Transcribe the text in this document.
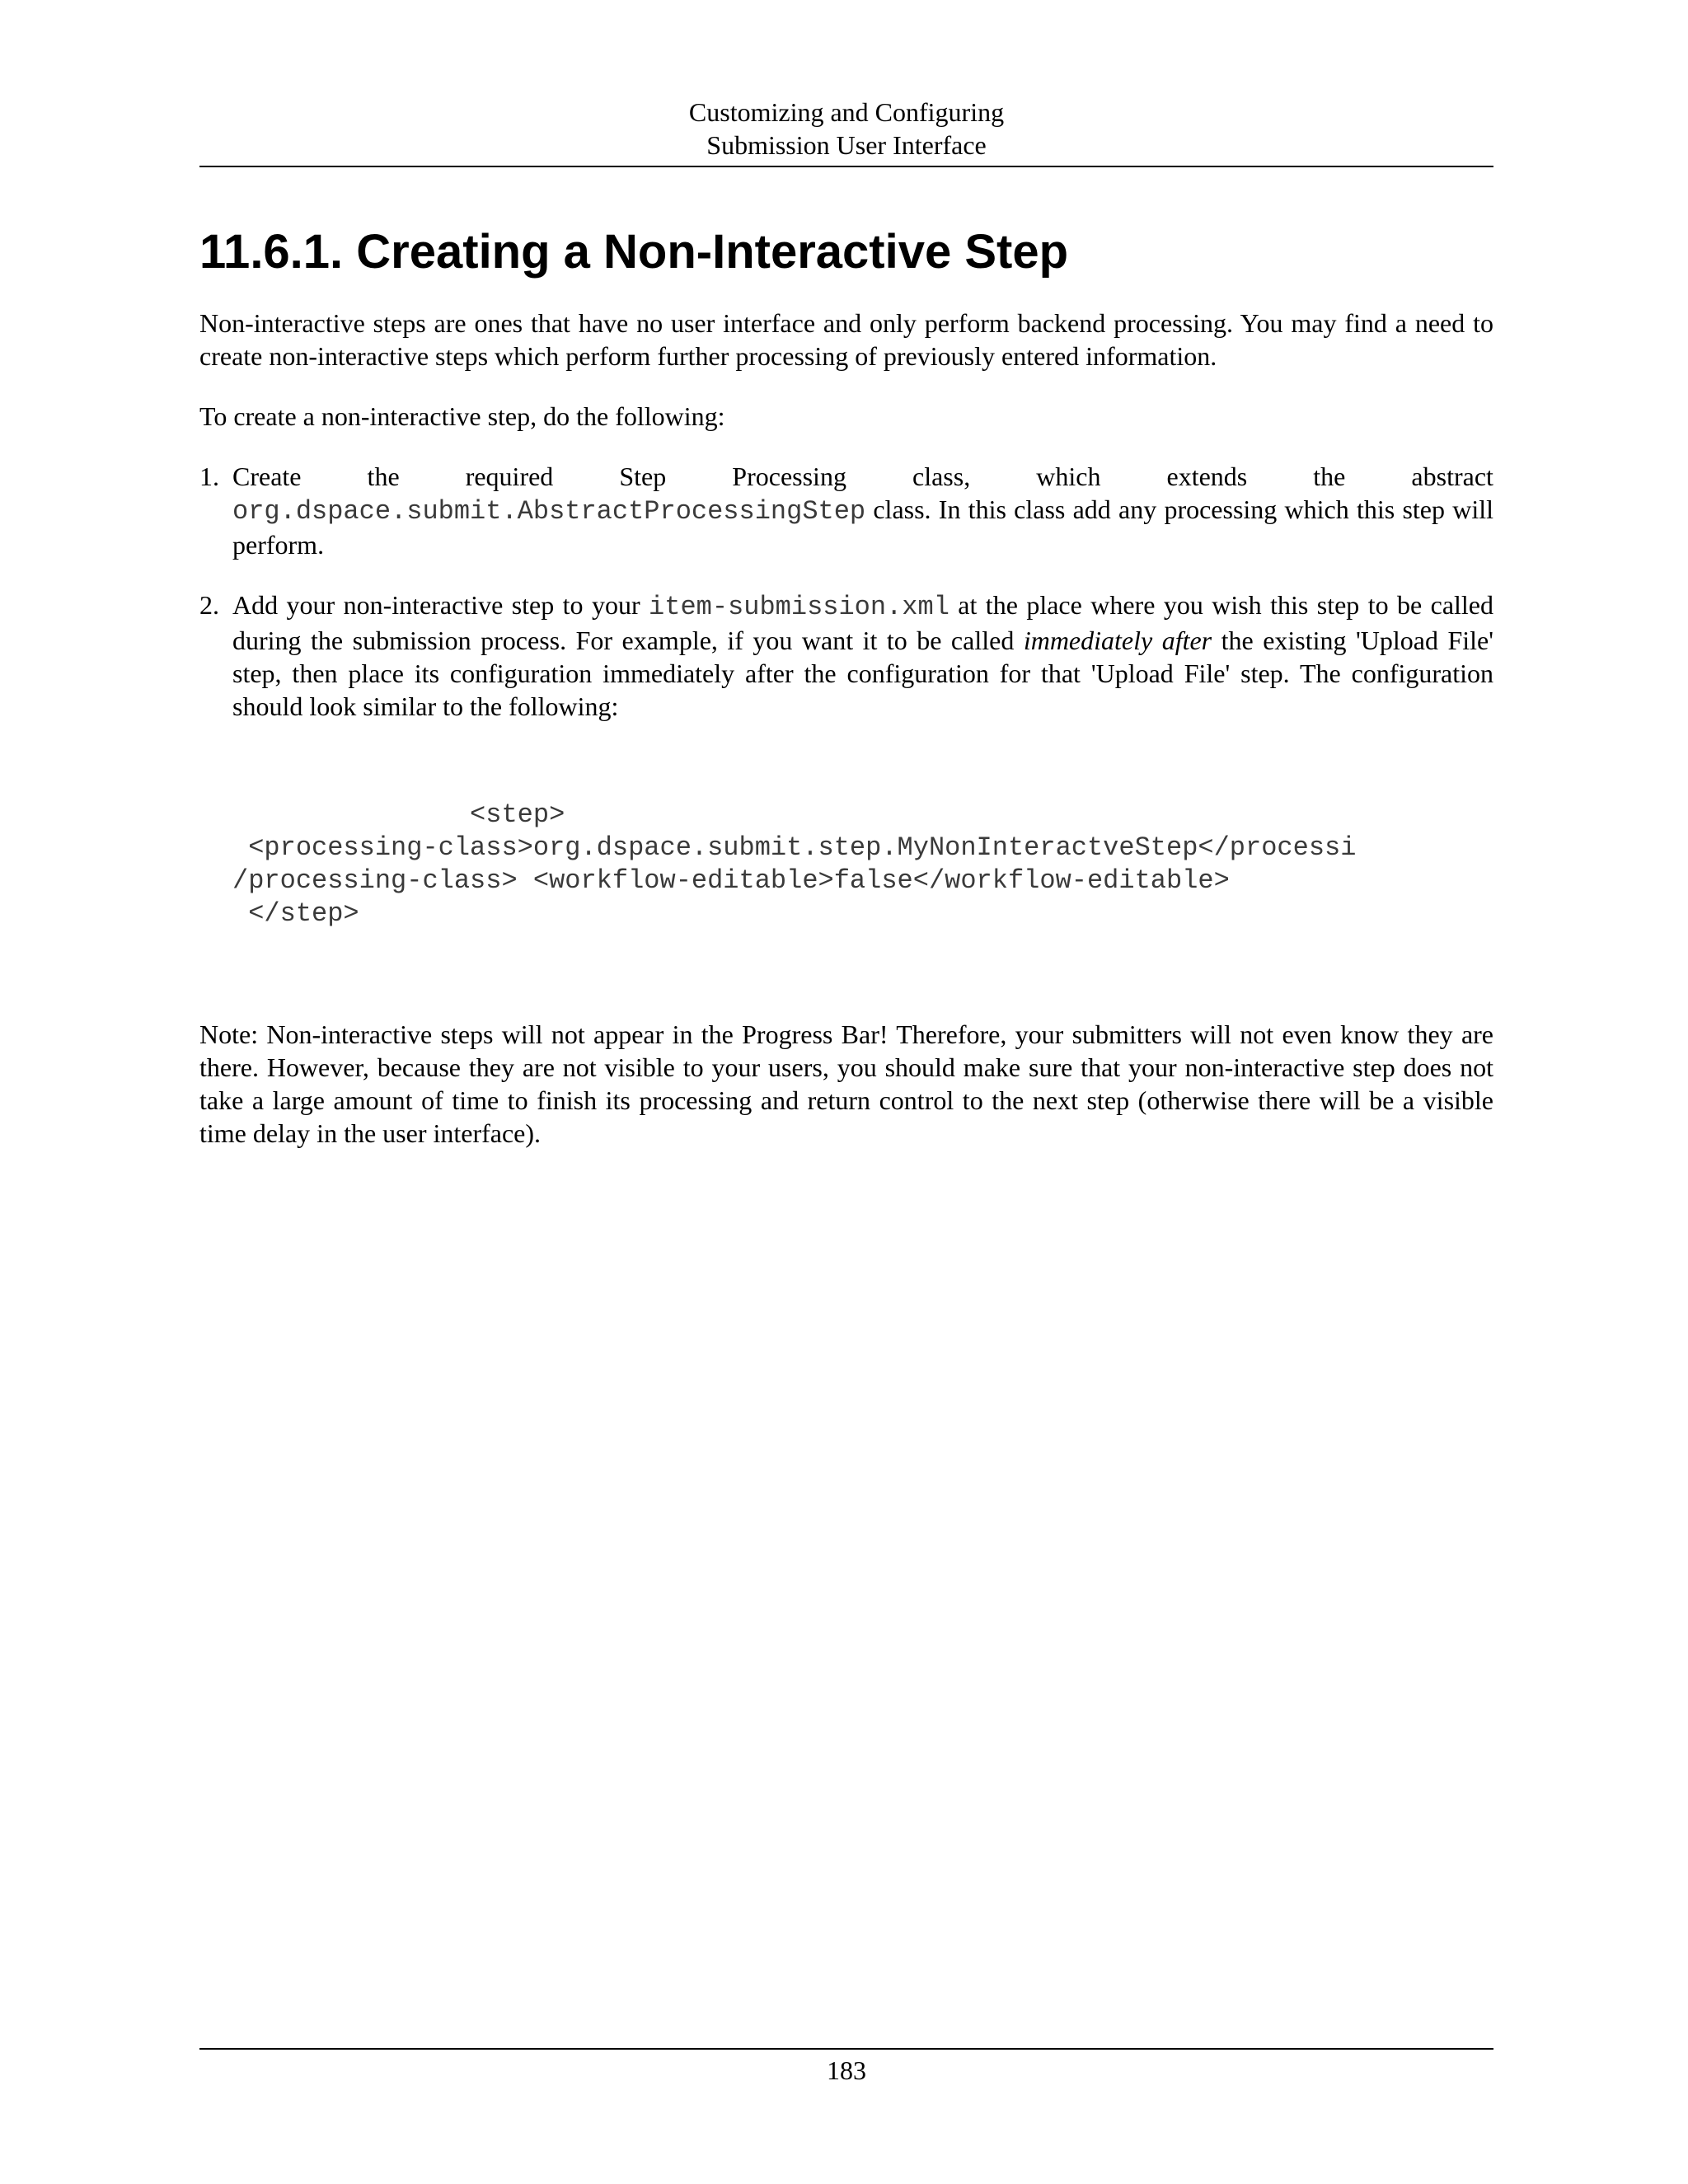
Customizing and Configuring
Submission User Interface
11.6.1. Creating a Non-Interactive Step

Non-interactive steps are ones that have no user interface and only perform backend processing. You may find a need to create non-interactive steps which perform further processing of previously entered information.

To create a non-interactive step, do the following:

1. Create	the	required	Step	Processing	class,	which	extends	the	abstract
org.dspace.submit.AbstractProcessingStep class. In this class add any processing which this step will perform.
2. Add your non-interactive step to your item-submission.xml at the place where you wish this step to be called during the submission process. For example, if you want it to be called immediately after the existing 'Upload File' step, then place its configuration immediately after the configuration for that 'Upload File' step. The configuration should look similar to the following:
<step>
<processing-class>org.dspace.submit.step.MyNonInteractveStep</processi
/processing-class> <workflow-editable>false</workflow-editable>
</step>

Note: Non-interactive steps will not appear in the Progress Bar! Therefore, your submitters will not even know they are there. However, because they are not visible to your users, you should make sure that your non-interactive step does not take a large amount of time to finish its processing and return control to the next step (otherwise there will be a visible time delay in the user interface).

183
